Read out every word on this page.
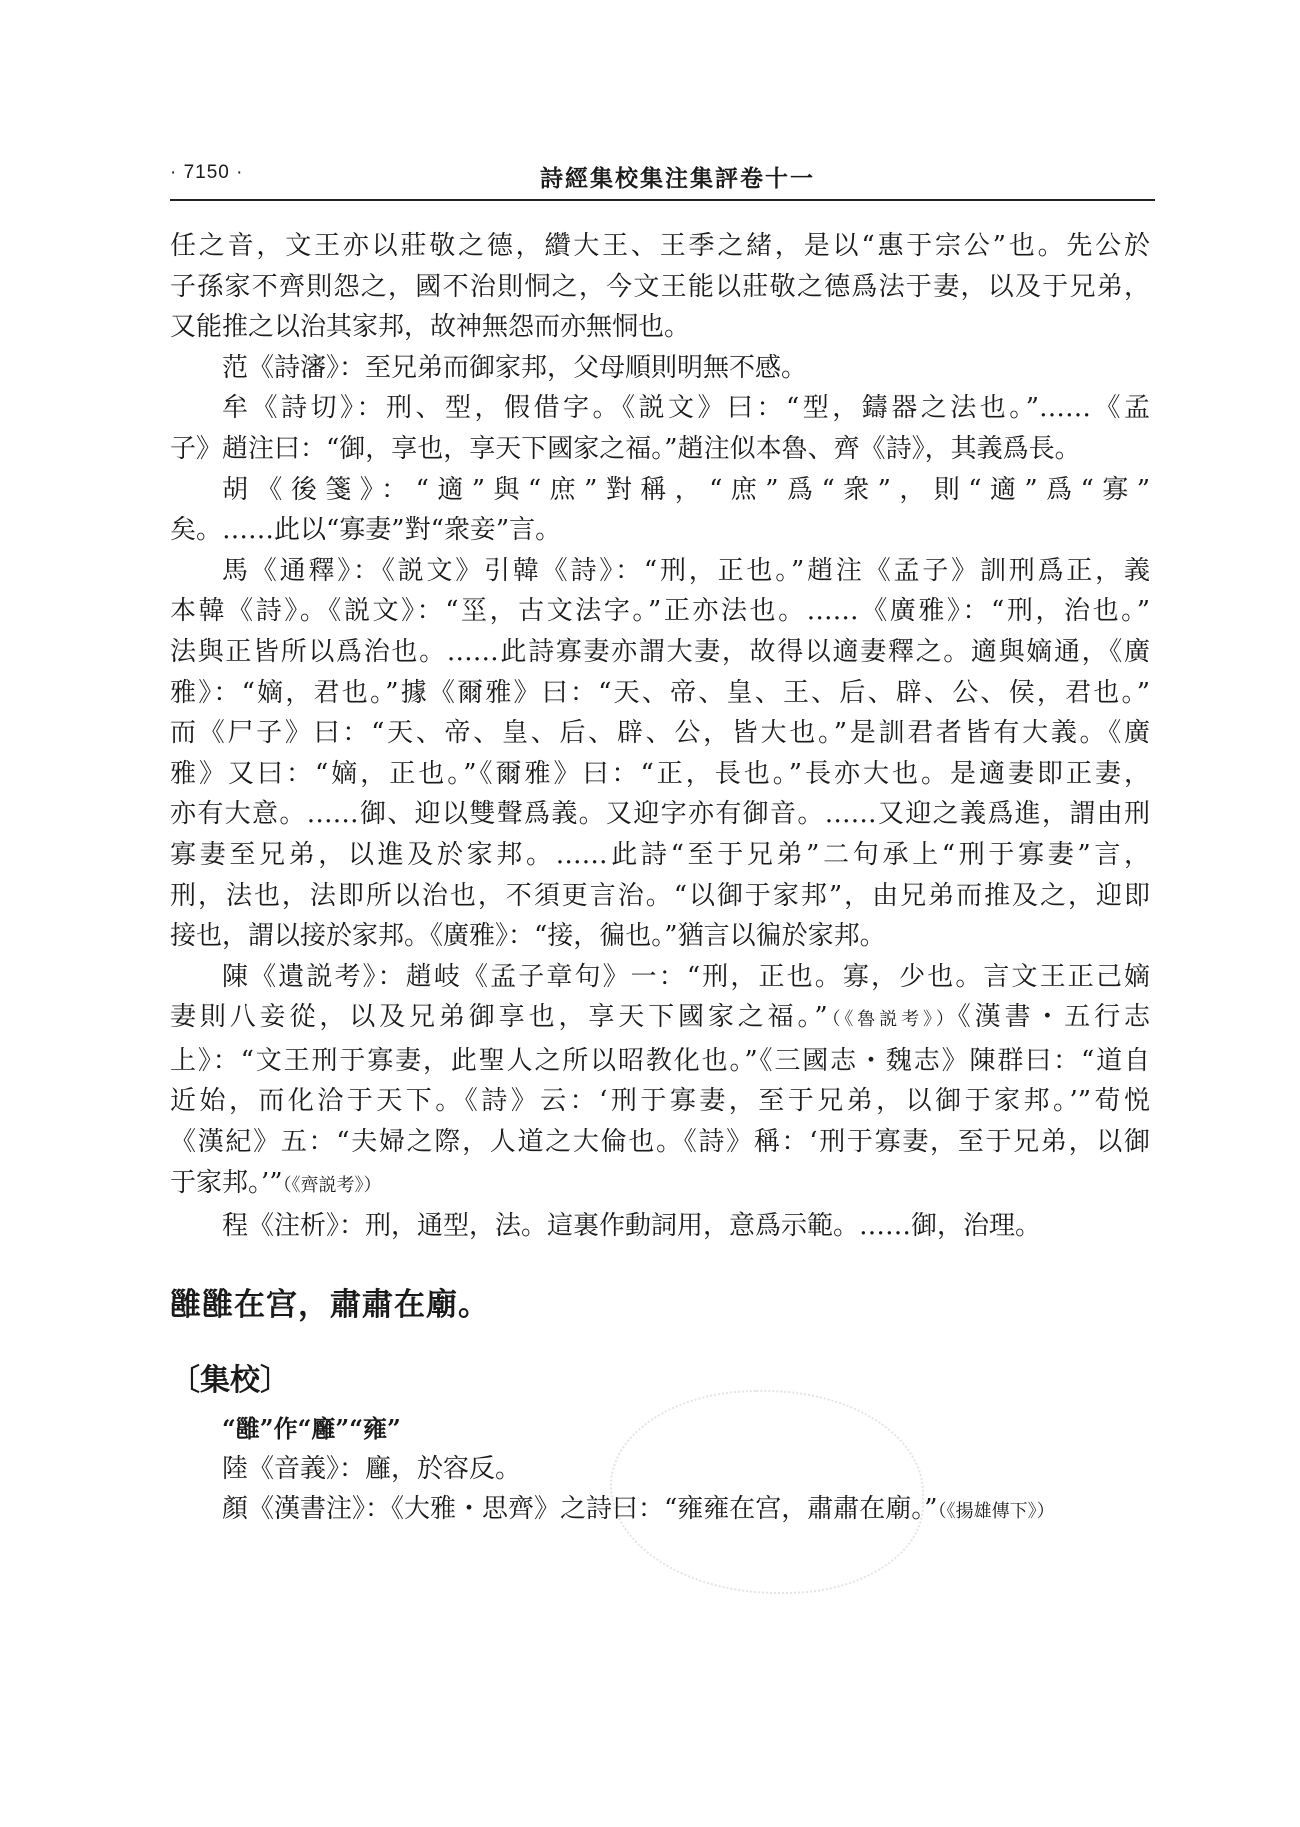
· 7150 ·	詩經集校集注集評卷十一

任之音，文王亦以莊敬之德，纘大王、王季之緒，是以“惠于宗公”也。先公於

子孫家不齊則怨之，國不治則恫之，今文王能以莊敬之德爲法于妻，以及于兄弟，

又能推之以治其家邦，故神無怨而亦無恫也。

范《詩瀋》：至兄弟而御家邦，父母順則明無不感。

牟《詩切》：刑、型，假借字。《説文》曰：“型，鑄器之法也。”……《孟

子》趙注曰：“御，享也，享天下國家之福。”趙注似本魯、齊《詩》，其義爲長。

胡《後箋》：“適”與“庶”對稱，“庶”爲“衆”，則“適”爲“寡”

矣。……此以“寡妻”對“衆妾”言。

馬《通釋》：《説文》引韓《詩》：“刑，正也。”趙注《孟子》訓刑爲正，義

本韓《詩》。《説文》：“坙，古文法字。”正亦法也。……《廣雅》：“刑，治也。”

法與正皆所以爲治也。……此詩寡妻亦謂大妻，故得以適妻釋之。適與嫡通，《廣

雅》：“嫡，君也。”據《爾雅》曰：“天、帝、皇、王、后、辟、公、侯，君也。”

而《尸子》曰：“天、帝、皇、后、辟、公，皆大也。”是訓君者皆有大義。《廣

雅》又曰：“嫡，正也。”《爾雅》曰：“正，長也。”長亦大也。是適妻即正妻，

亦有大意。……御、迎以雙聲爲義。又迎字亦有御音。……又迎之義爲進，謂由刑

寡妻至兄弟，以進及於家邦。……此詩“至于兄弟”二句承上“刑于寡妻”言，

刑，法也，法即所以治也，不須更言治。“以御于家邦”，由兄弟而推及之，迎即

接也，謂以接於家邦。《廣雅》：“接，徧也。”猶言以徧於家邦。

陳《遺説考》：趙岐《孟子章句》一：“刑，正也。寡，少也。言文王正己嫡

妻則八妾從，以及兄弟御享也，享天下國家之福。”（《魯説考》）《漢書・五行志

上》：“文王刑于寡妻，此聖人之所以昭教化也。”《三國志・魏志》陳群曰：“道自

近始，而化洽于天下。《詩》云：‘刑于寡妻，至于兄弟，以御于家邦。’”荀悦

《漢紀》五：“夫婦之際，人道之大倫也。《詩》稱：‘刑于寡妻，至于兄弟，以御

于家邦。’”（《齊説考》）

程《注析》：刑，通型，法。這裏作動詞用，意爲示範。……御，治理。

雝雝在宫，肅肅在廟。
〔集校〕
“雝”作“廱”“雍”

陸《音義》：廱，於容反。

顏《漢書注》：《大雅・思齊》之詩曰：“雍雍在宫，肅肅在廟。”（《揚雄傳下》）
